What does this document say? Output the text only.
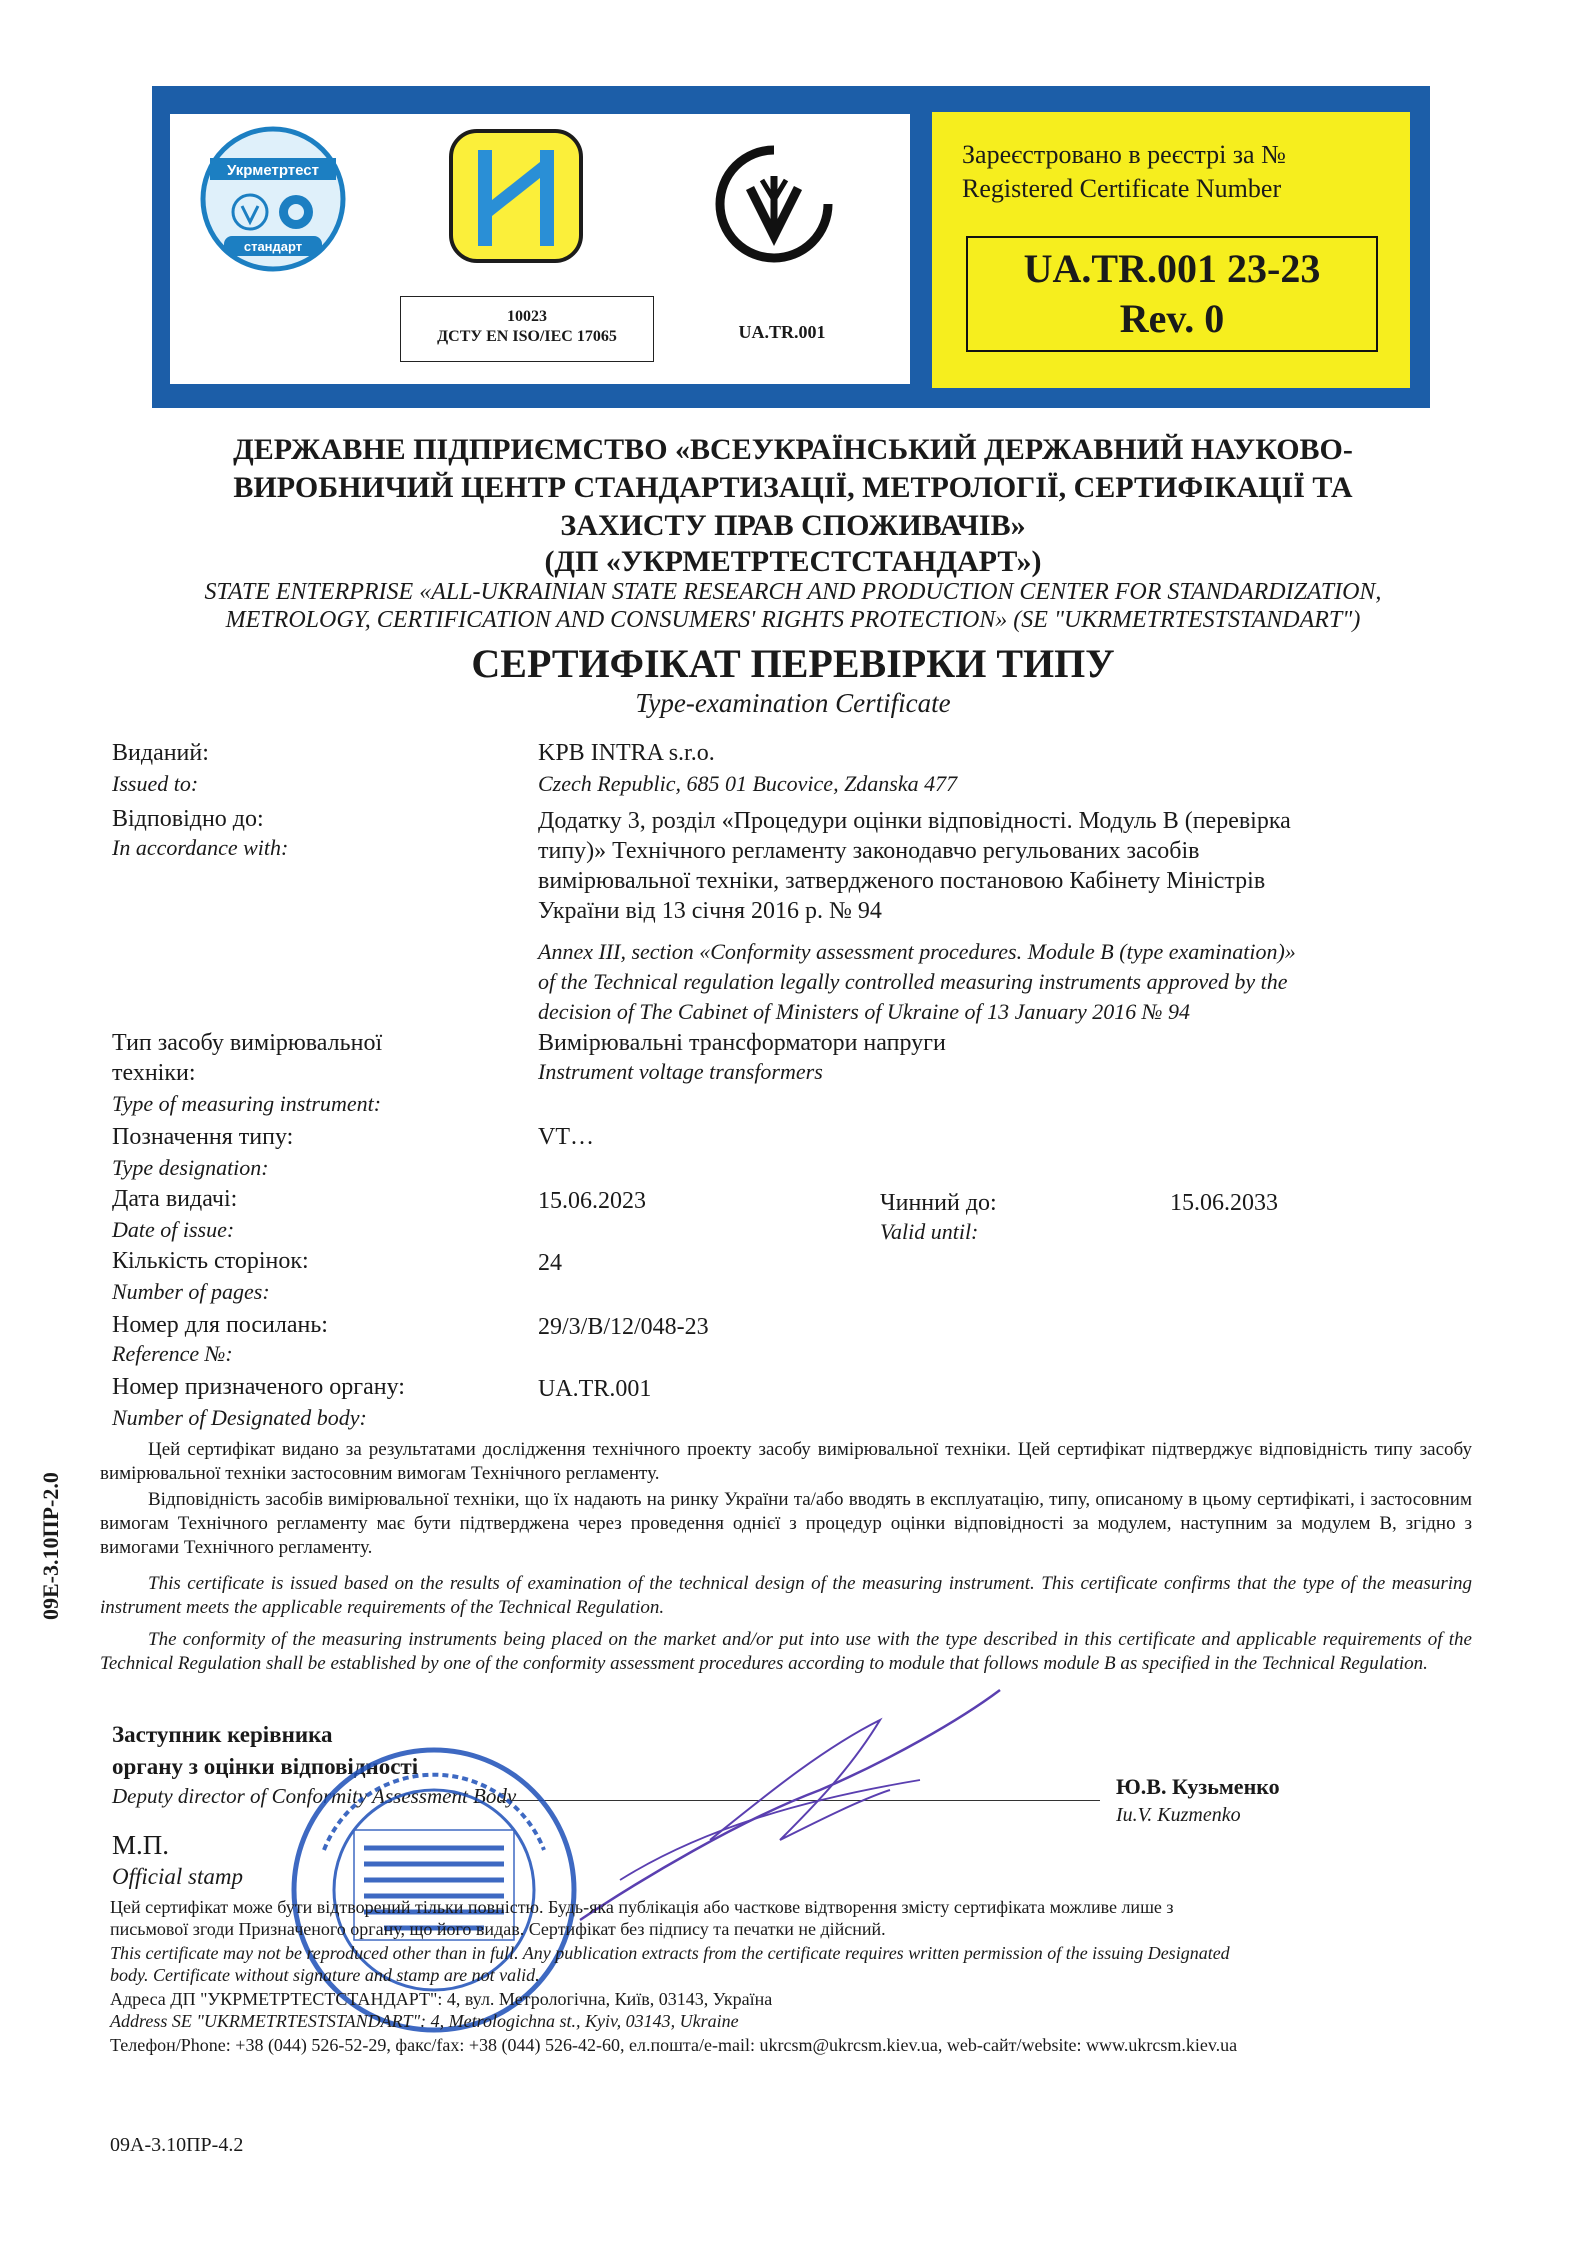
Укрметртест
стандарт
10023
ДСТУ EN ISO/IEC 17065	UA.TR.001
Зареєстровано в реєстрі за №
Registered Certificate Number
UA.TR.001 23-23
Rev. 0
ДЕРЖАВНЕ ПІДПРИЄМСТВО «ВСЕУКРАЇНСЬКИЙ ДЕРЖАВНИЙ НАУКОВО-
ВИРОБНИЧИЙ ЦЕНТР СТАНДАРТИЗАЦІЇ, МЕТРОЛОГІЇ, СЕРТИФІКАЦІЇ ТА
ЗАХИСТУ ПРАВ СПОЖИВАЧІВ»
(ДП «УКРМЕТРТЕСТСТАНДАРТ»)
STATE ENTERPRISE «ALL-UKRAINIAN STATE RESEARCH AND PRODUCTION CENTER FOR STANDARDIZATION,
METROLOGY, CERTIFICATION AND CONSUMERS' RIGHTS PROTECTION» (SE "UKRMETRTESTSTANDART")
СЕРТИФІКАТ ПЕРЕВІРКИ ТИПУ
Type-examination Certificate
Виданий:
Issued to:
KPB INTRA s.r.o.
Czech Republic, 685 01 Bucovice, Zdanska 477
Відповідно до:
In accordance with:
Додатку 3, розділ «Процедури оцінки відповідності. Модуль В (перевірка
типу)» Технічного регламенту законодавчо регульованих засобів
вимірювальної техніки, затвердженого постановою Кабінету Міністрів
України від 13 січня 2016 р. № 94
Annex III, section «Conformity assessment procedures. Module B (type examination)»
of the Technical regulation legally controlled measuring instruments approved by the
decision of The Cabinet of Ministers of Ukraine of 13 January 2016 № 94
Тип засобу вимірювальної
техніки:
Type of measuring instrument:
Вимірювальні трансформатори напруги
Instrument voltage transformers
Позначення типу:
Type designation:
VT…
Дата видачі:
Date of issue:
15.06.2023	Чинний до:
Valid until:
15.06.2033
Кількість сторінок:
Number of pages:
24
Номер для посилань:
Reference №:
29/3/B/12/048-23
Номер призначеного органу:
Number of Designated body:
UA.TR.001
Цей сертифікат видано за результатами дослідження технічного проекту засобу вимірювальної техніки. Цей сертифікат підтверджує відповідність типу засобу вимірювальної техніки застосовним вимогам Технічного регламенту.
Відповідність засобів вимірювальної техніки, що їх надають на ринку України та/або вводять в експлуатацію, типу, описаному в цьому сертифікаті, і застосовним вимогам Технічного регламенту має бути підтверджена через проведення однієї з процедур оцінки відповідності за модулем, наступним за модулем В, згідно з вимогами Технічного регламенту.
This certificate is issued based on the results of examination of the technical design of the measuring instrument. This certificate confirms that the type of the measuring instrument meets the applicable requirements of the Technical Regulation.
The conformity of the measuring instruments being placed on the market and/or put into use with the type described in this certificate and applicable requirements of the Technical Regulation shall be established by one of the conformity assessment procedures according to module that follows module B as specified in the Technical Regulation.
09Е-3.10ПР-2.0
Заступник керівника
органу з оцінки відповідності
Deputy director of Conformity Assessment Body
М.П.
Official stamp
Ю.В. Кузьменко
Iu.V. Kuzmenko
Цей сертифікат може бути відтворений тільки повністю. Будь-яка публікація або часткове відтворення змісту сертифіката можливе лише з
письмової згоди Призначеного органу, що його видав. Сертифікат без підпису та печатки не дійсний.
This certificate may not be reproduced other than in full. Any publication extracts from the certificate requires written permission of the issuing Designated
body. Certificate without signature and stamp are not valid.
Адреса ДП "УКРМЕТРТЕСТСТАНДАРТ": 4, вул. Метрологічна, Київ, 03143, Україна
Address SE "UKRMETRTESTSTANDART": 4, Metrologichna st., Kyiv, 03143, Ukraine
Телефон/Phone: +38 (044) 526-52-29, факс/fax: +38 (044) 526-42-60, ел.пошта/e-mail: ukrcsm@ukrcsm.kiev.ua, web-сайт/website: www.ukrcsm.kiev.ua
09А-3.10ПР-4.2
